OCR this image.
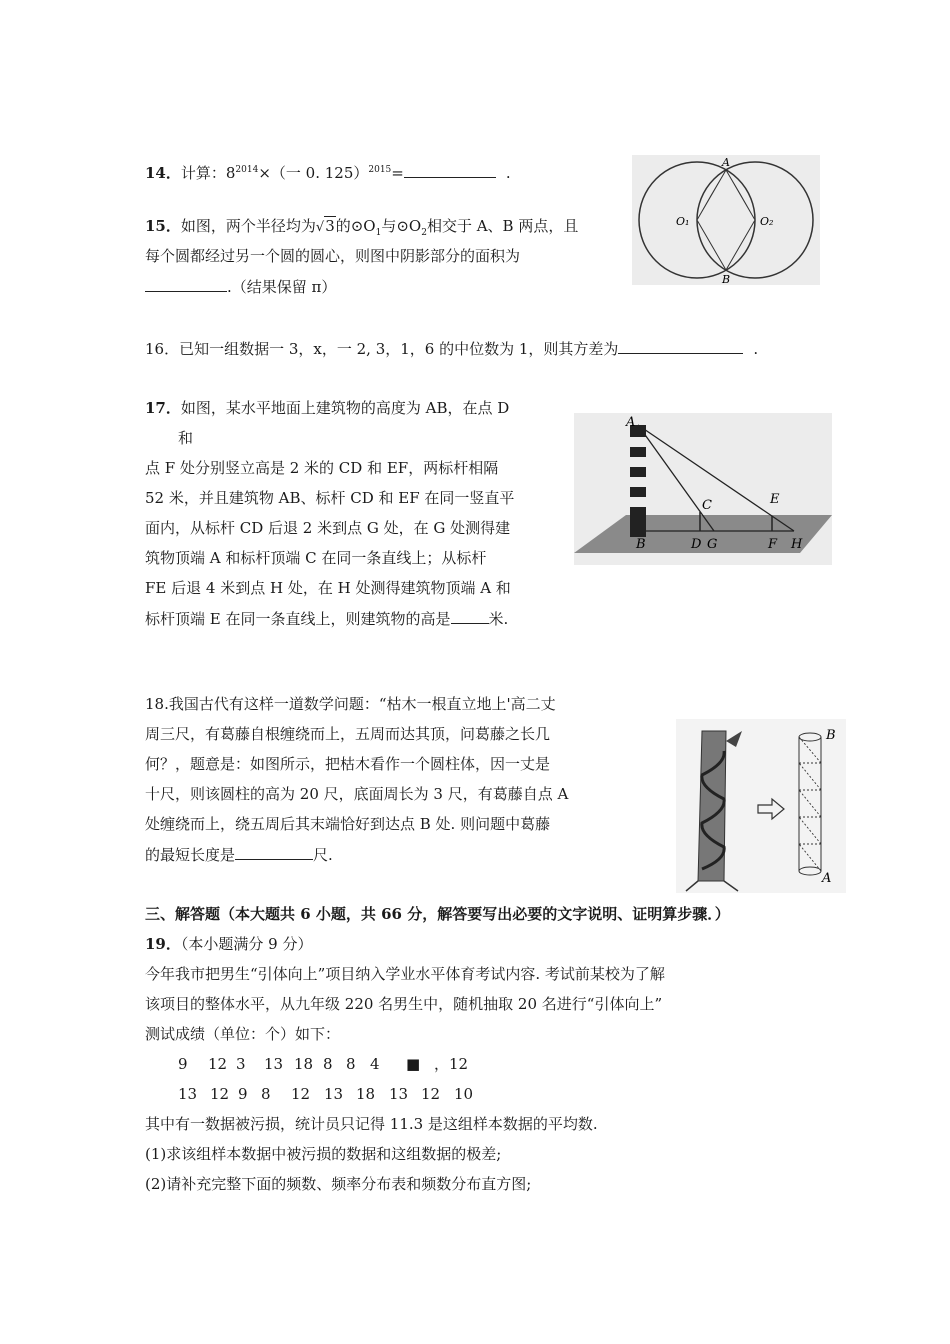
14．计算：$8^{2014}\times$（一 0. 125）$^{2015}$=	.
15．如图，两个半径均为√3的$⊙O_1$与$⊙O_2$相交于 A、B 两点，且
每个圆都经过另一个圆的圆心，则图中阴影部分的面积为
.（结果保留 π）
A
B
O₁	O₂
16．已知一组数据一 3，x，一 2, 3，1，6 的中位数为 1，则其方差为	.
17．如图，某水平地面上建筑物的高度为 AB，在点 D
和
点 F 处分别竖立高是 2 米的 CD 和 EF，两标杆相隔
52 米，并且建筑物 AB、标杆 CD 和 EF 在同一竖直平
面内，从标杆 CD 后退 2 米到点 G 处，在 G 处测得建
筑物顶端 A 和标杆顶端 C 在同一条直线上；从标杆
FE 后退 4 米到点 H 处，在 H 处测得建筑物顶端 A 和
标杆顶端 E 在同一条直线上，则建筑物的高是	米.
A
B
C
D G
E
F H
18.我国古代有这样一道数学问题：“枯木一根直立地上'高二丈
周三尺，有葛藤自根缠绕而上，五周而达其顶，问葛藤之长几
何？，题意是：如图所示，把枯木看作一个圆柱体，因一丈是
十尺，则该圆柱的高为 20 尺，底面周长为 3 尺，有葛藤自点 A
处缠绕而上，绕五周后其末端恰好到达点 B 处. 则问题中葛藤
的最短长度是	尺.
B
A
三、解答题（本大题共 6 小题，共 66 分，解答要写出必要的文字说明、证明算步骤．）
19．（本小题满分 9 分）
今年我市把男生“引体向上”项目纳入学业水平体育考试内容. 考试前某校为了解
该项目的整体水平，从九年级 220 名男生中，随机抽取 20 名进行“引体向上”
测试成绩（单位：个）如下：
9 12 3 13 18 8 8 4 ■ ，12
13 12 9 8 12 13 18 13 12 10
其中有一数据被污损，统计员只记得 11.3 是这组样本数据的平均数.
(1)求该组样本数据中被污损的数据和这组数据的极差;
(2)请补充完整下面的频数、频率分布表和频数分布直方图;
